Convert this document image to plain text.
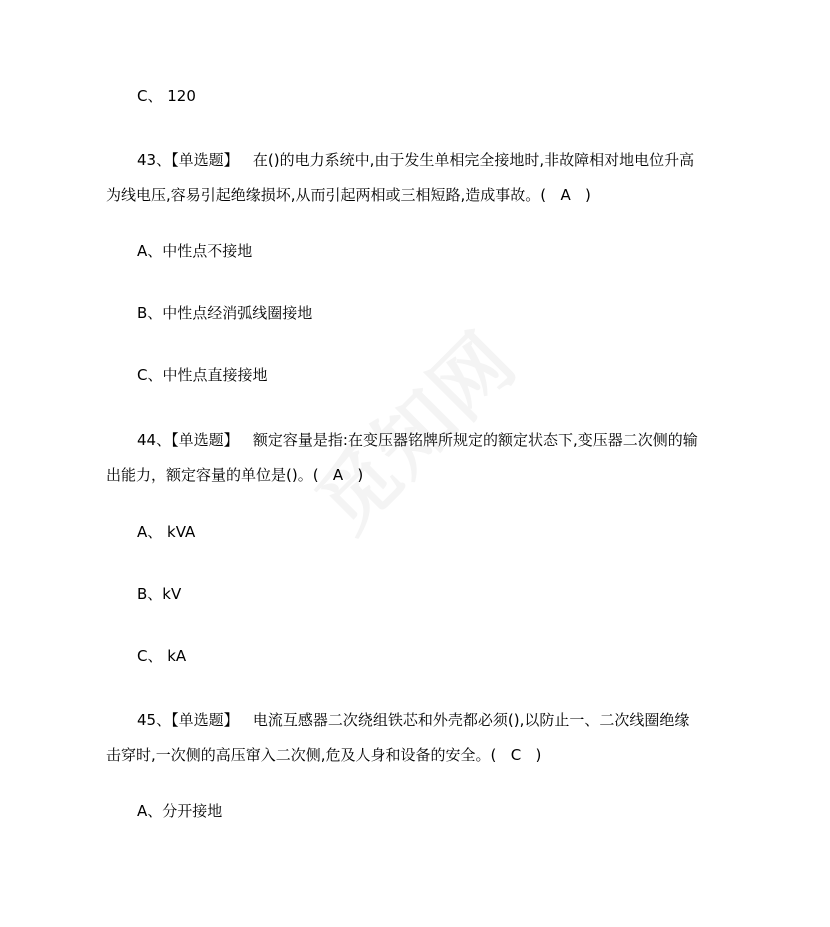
C、 120
43、【单选题】   在()的电力系统中,由于发生单相完全接地时,非故障相对地电位升高
为线电压,容易引起绝缘损坏,从而引起两相或三相短路,造成事故。(   A   )
A、中性点不接地
B、中性点经消弧线圈接地
C、中性点直接接地
44、【单选题】   额定容量是指:在变压器铭牌所规定的额定状态下,变压器二次侧的输
出能力，额定容量的单位是()。(   A   )
A、 kVA
B、kV
C、 kA
45、【单选题】   电流互感器二次绕组铁芯和外壳都必须(),以防止一、二次线圈绝缘
击穿时,一次侧的高压窜入二次侧,危及人身和设备的安全。(   C   )
A、分开接地
